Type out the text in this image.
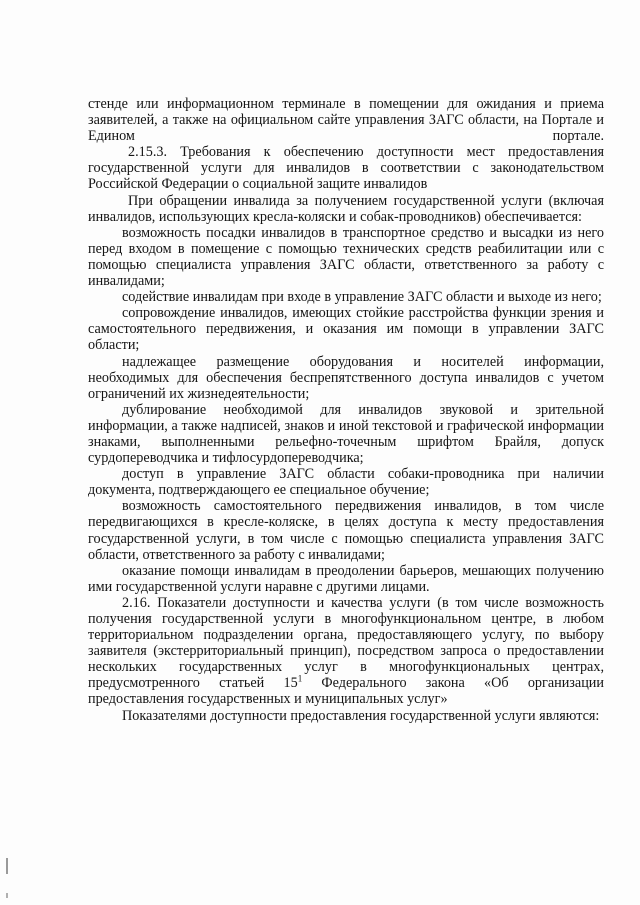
стенде или информационном терминале в помещении для ожидания и приема заявителей, а также на официальном сайте управления ЗАГС области, на Порталe и Едином портале.

2.15.3. Требования к обеспечению доступности мест предоставления государственной услуги для инвалидов в соответствии с законодательством Российской Федерации о социальной защите инвалидов

При обращении инвалида за получением государственной услуги (включая инвалидов, использующих кресла-коляски и собак-проводников) обеспечивается:

возможность посадки инвалидов в транспортное средство и высадки из него перед входом в помещение с помощью технических средств реабилитации или с помощью специалиста управления ЗАГС области, ответственного за работу с инвалидами;

содействие инвалидам при входе в управление ЗАГС области и выходе из него;

сопровождение инвалидов, имеющих стойкие расстройства функции зрения и самостоятельного передвижения, и оказания им помощи в управлении ЗАГС области;

надлежащее размещение оборудования и носителей информации, необходимых для обеспечения беспрепятственного доступа инвалидов с учетом ограничений их жизнедеятельности;

дублирование необходимой для инвалидов звуковой и зрительной информации, а также надписей, знаков и иной текстовой и графической информации знаками, выполненными рельефно-точечным шрифтом Брайля, допуск сурдопереводчика и тифлосурдопереводчика;

доступ в управление ЗАГС области собаки-проводника при наличии документа, подтверждающего ее специальное обучение;

возможность самостоятельного передвижения инвалидов, в том числе передвигающихся в кресле-коляске, в целях доступа к месту предоставления государственной услуги, в том числе с помощью специалиста управления ЗАГС области, ответственного за работу с инвалидами;

оказание помощи инвалидам в преодолении барьеров, мешающих получению ими государственной услуги наравне с другими лицами.

2.16. Показатели доступности и качества услуги (в том числе возможность получения государственной услуги в многофункциональном центре, в любом территориальном подразделении органа, предоставляющего услугу, по выбору заявителя (экстерриториальный принцип), посредством запроса о предоставлении нескольких государственных услуг в многофункциональных центрах, предусмотренного статьей $15^1$ Федерального закона «Об организации предоставления государственных и муниципальных услуг»

Показателями доступности предоставления государственной услуги являются:
